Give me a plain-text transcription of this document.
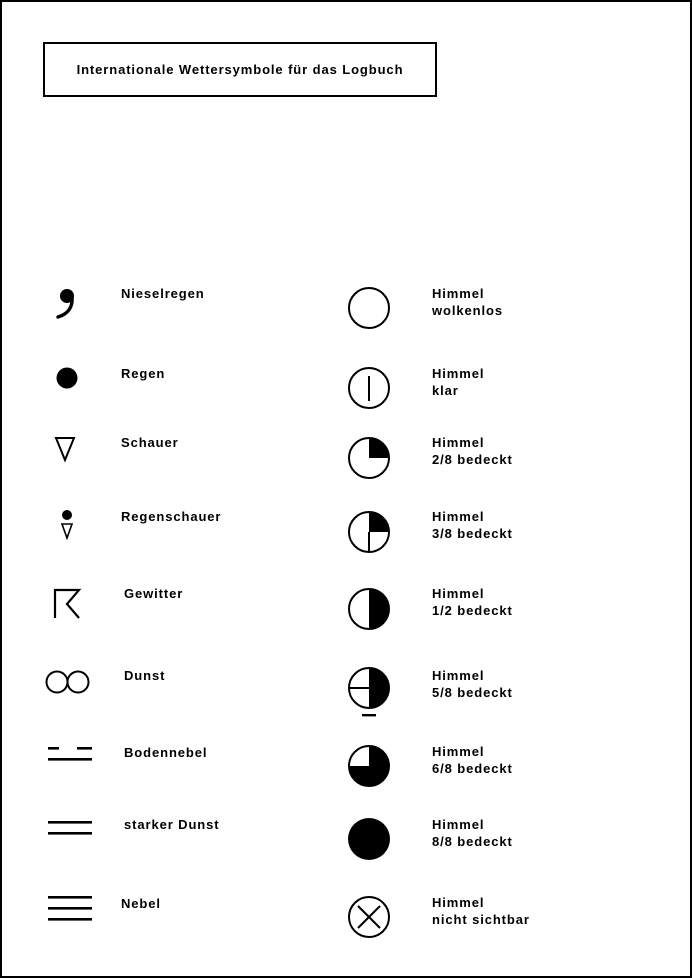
Internationale Wettersymbole für das Logbuch
Nieselregen
Regen
Schauer
Regenschauer
Gewitter
Dunst
Bodennebel
starker Dunst
Nebel
Himmel
wolkenlos
Himmel
klar
Himmel
2/8 bedeckt
Himmel
3/8 bedeckt
Himmel
1/2 bedeckt
Himmel
5/8 bedeckt
Himmel
6/8 bedeckt
Himmel
8/8 bedeckt
Himmel
nicht sichtbar
